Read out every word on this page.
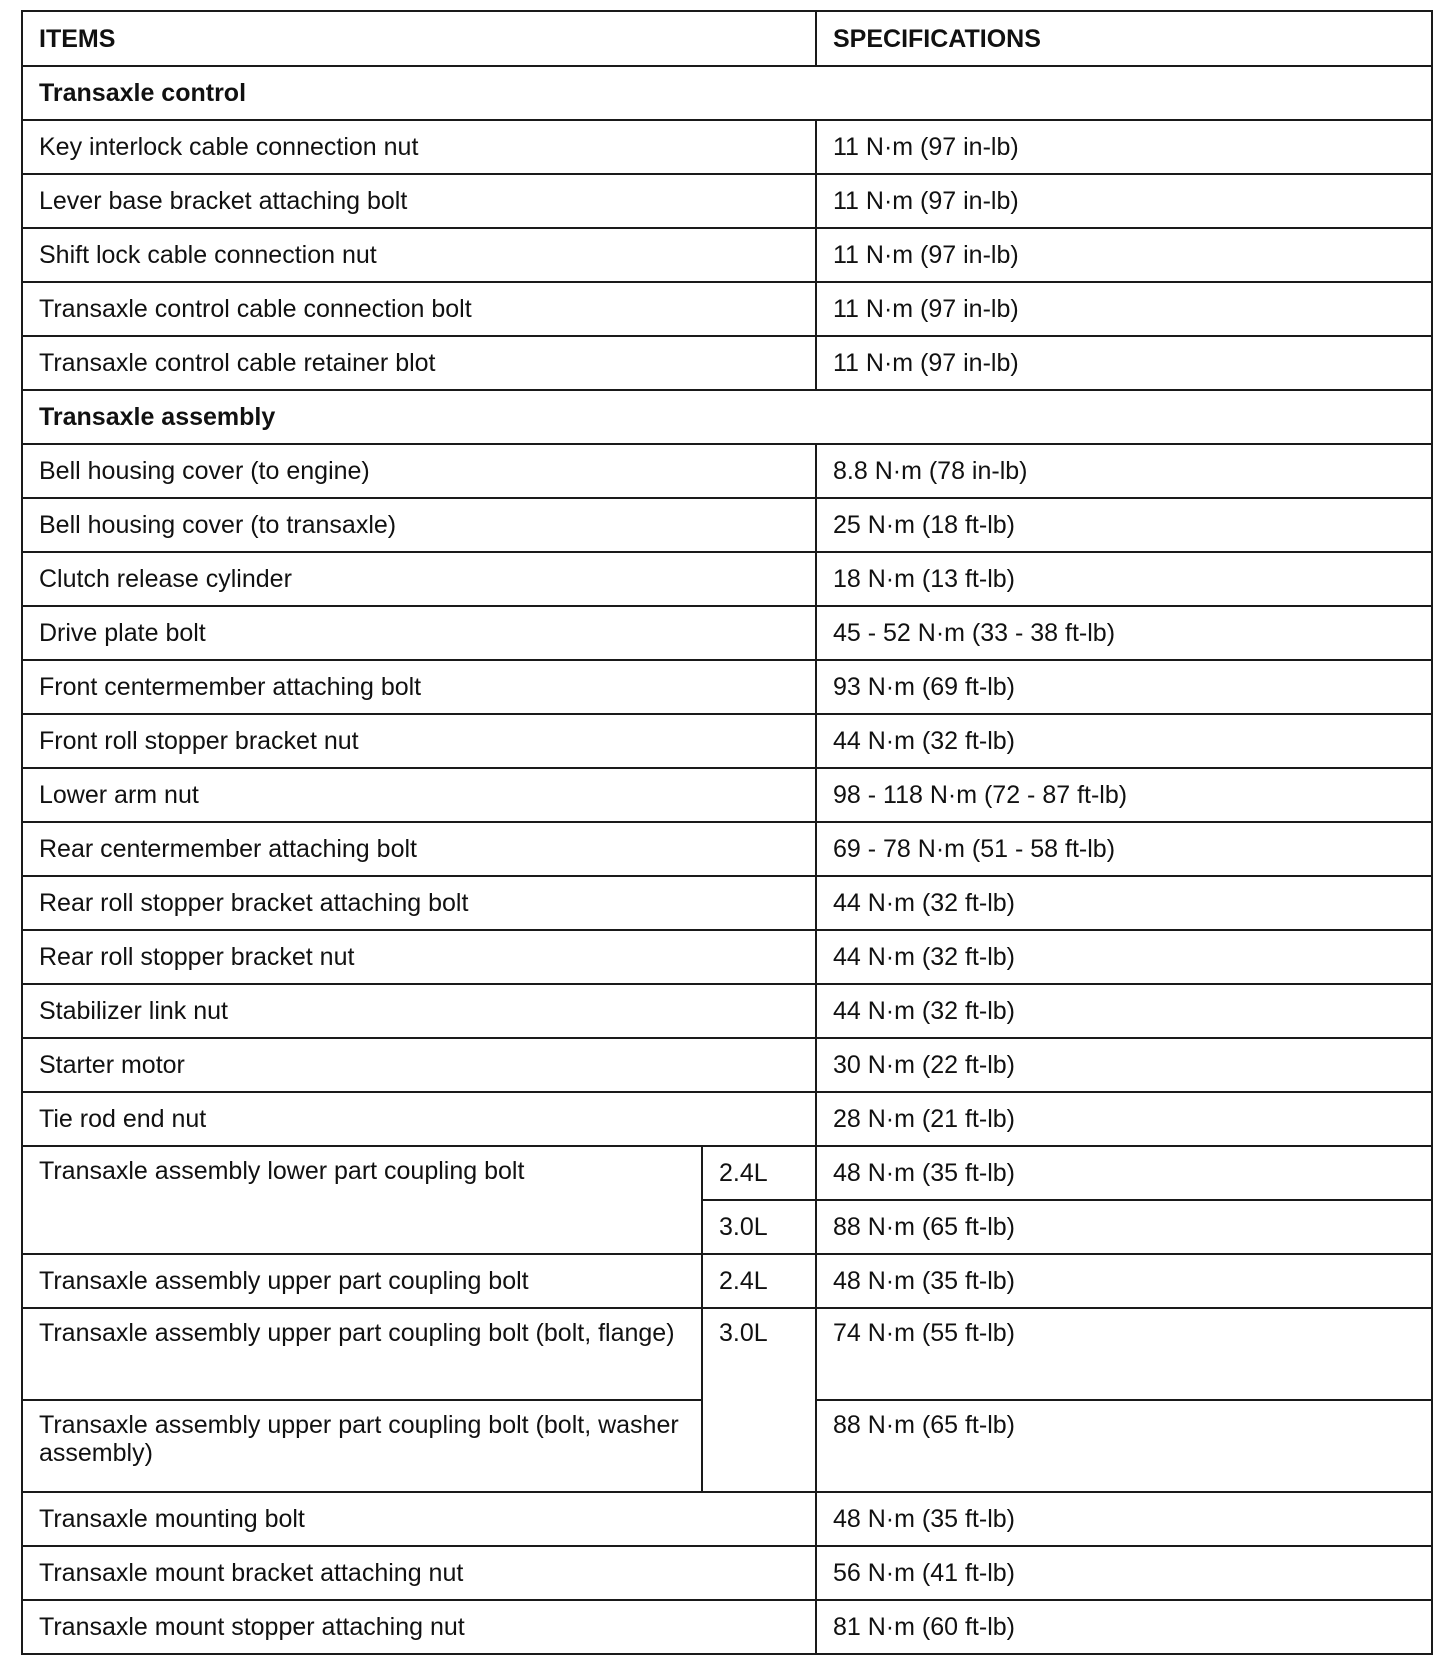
ITEMS		SPECIFICATIONS
Transaxle control		
Key interlock cable connection nut		11 N·m (97 in-lb)
Lever base bracket attaching bolt		11 N·m (97 in-lb)
Shift lock cable connection nut		11 N·m (97 in-lb)
Transaxle control cable connection bolt		11 N·m (97 in-lb)
Transaxle control cable retainer blot		11 N·m (97 in-lb)
Transaxle assembly		
Bell housing cover (to engine)		8.8 N·m (78 in-lb)
Bell housing cover (to transaxle)		25 N·m (18 ft-lb)
Clutch release cylinder		18 N·m (13 ft-lb)
Drive plate bolt		45 - 52 N·m (33 - 38 ft-lb)
Front centermember attaching bolt		93 N·m (69 ft-lb)
Front roll stopper bracket nut		44 N·m (32 ft-lb)
Lower arm nut		98 - 118 N·m (72 - 87 ft-lb)
Rear centermember attaching bolt		69 - 78 N·m (51 - 58 ft-lb)
Rear roll stopper bracket attaching bolt		44 N·m (32 ft-lb)
Rear roll stopper bracket nut		44 N·m (32 ft-lb)
Stabilizer link nut		44 N·m (32 ft-lb)
Starter motor		30 N·m (22 ft-lb)
Tie rod end nut		28 N·m (21 ft-lb)
Transaxle assembly lower part coupling bolt	2.4L	48 N·m (35 ft-lb)
	3.0L	88 N·m (65 ft-lb)
Transaxle assembly upper part coupling bolt	2.4L	48 N·m (35 ft-lb)
Transaxle assembly upper part coupling bolt (bolt, flange)	3.0L	74 N·m (55 ft-lb)
Transaxle assembly upper part coupling bolt (bolt, washer assembly)		88 N·m (65 ft-lb)
Transaxle mounting bolt		48 N·m (35 ft-lb)
Transaxle mount bracket attaching nut		56 N·m (41 ft-lb)
Transaxle mount stopper attaching nut		81 N·m (60 ft-lb)
